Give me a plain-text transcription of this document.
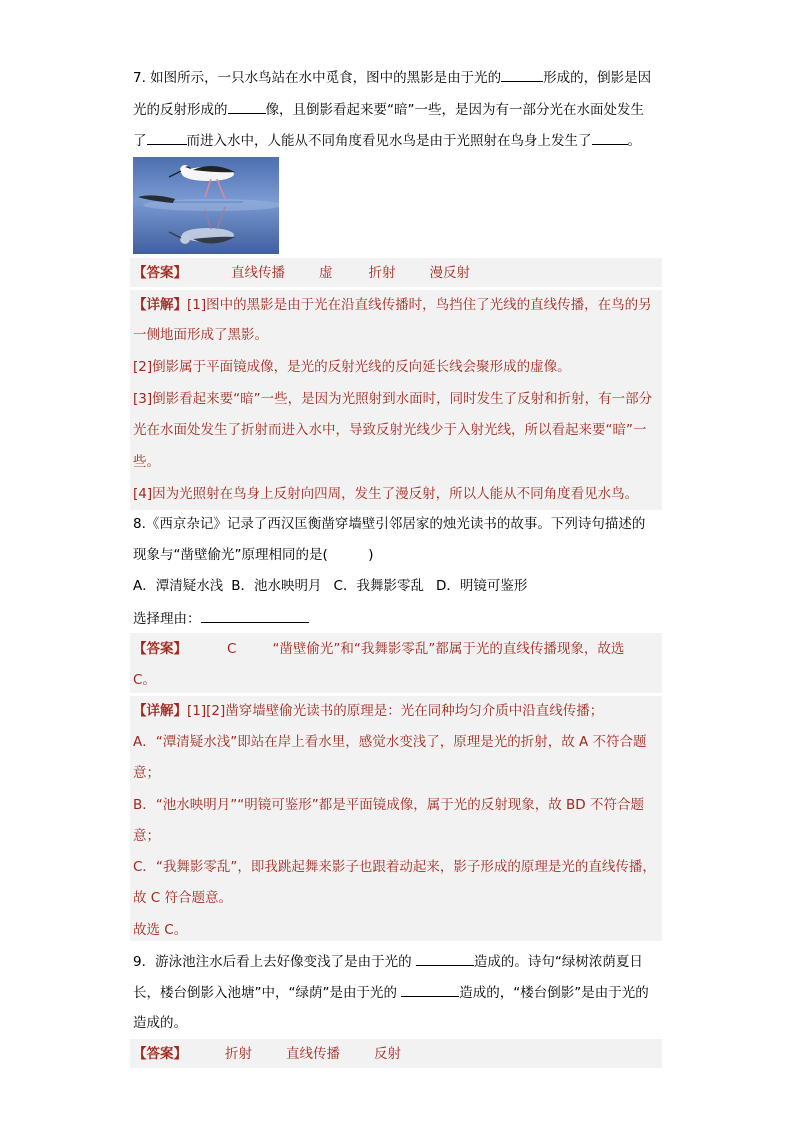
7. 如图所示，一只水鸟站在水中觅食，图中的黑影是由于光的	形成的，倒影是因
光的反射形成的	像，且倒影看起来要“暗”一些，是因为有一部分光在水面处发生
了	而进入水中，人能从不同角度看见水鸟是由于光照射在鸟身上发生了	。
【答案】	直线传播	虚	折射	漫反射
【详解】[1]图中的黑影是由于光在沿直线传播时，鸟挡住了光线的直线传播，在鸟的另
一侧地面形成了黑影。
[2]倒影属于平面镜成像，是光的反射光线的反向延长线会聚形成的虚像。
[3]倒影看起来要“暗”一些，是因为光照射到水面时，同时发生了反射和折射，有一部分
光在水面处发生了折射而进入水中，导致反射光线少于入射光线，所以看起来要“暗”一
些。
[4]因为光照射在鸟身上反射向四周，发生了漫反射，所以人能从不同角度看见水鸟。
8.《西京杂记》记录了西汉匡衡凿穿墙壁引邻居家的烛光读书的故事。下列诗句描述的
现象与“凿壁偷光”原理相同的是(　　　)
A．潭清疑水浅 B．池水映明月 C．我舞影零乱 D．明镜可鉴形
选择理由：
【答案】	C	“凿壁偷光”和“我舞影零乱”都属于光的直线传播现象，故选
C。
【详解】[1][2]凿穿墙壁偷光读书的原理是：光在同种均匀介质中沿直线传播；
A．“潭清疑水浅”即站在岸上看水里，感觉水变浅了，原理是光的折射，故 A 不符合题
意；
B．“池水映明月”“明镜可鉴形”都是平面镜成像，属于光的反射现象，故 BD 不符合题
意；
C．“我舞影零乱”，即我跳起舞来影子也跟着动起来，影子形成的原理是光的直线传播，
故 C 符合题意。
故选 C。
9．游泳池注水后看上去好像变浅了是由于光的	造成的。诗句“绿树浓荫夏日
长，楼台倒影入池塘”中，“绿荫”是由于光的	造成的，“楼台倒影”是由于光的
造成的。
【答案】	折射	直线传播	反射
